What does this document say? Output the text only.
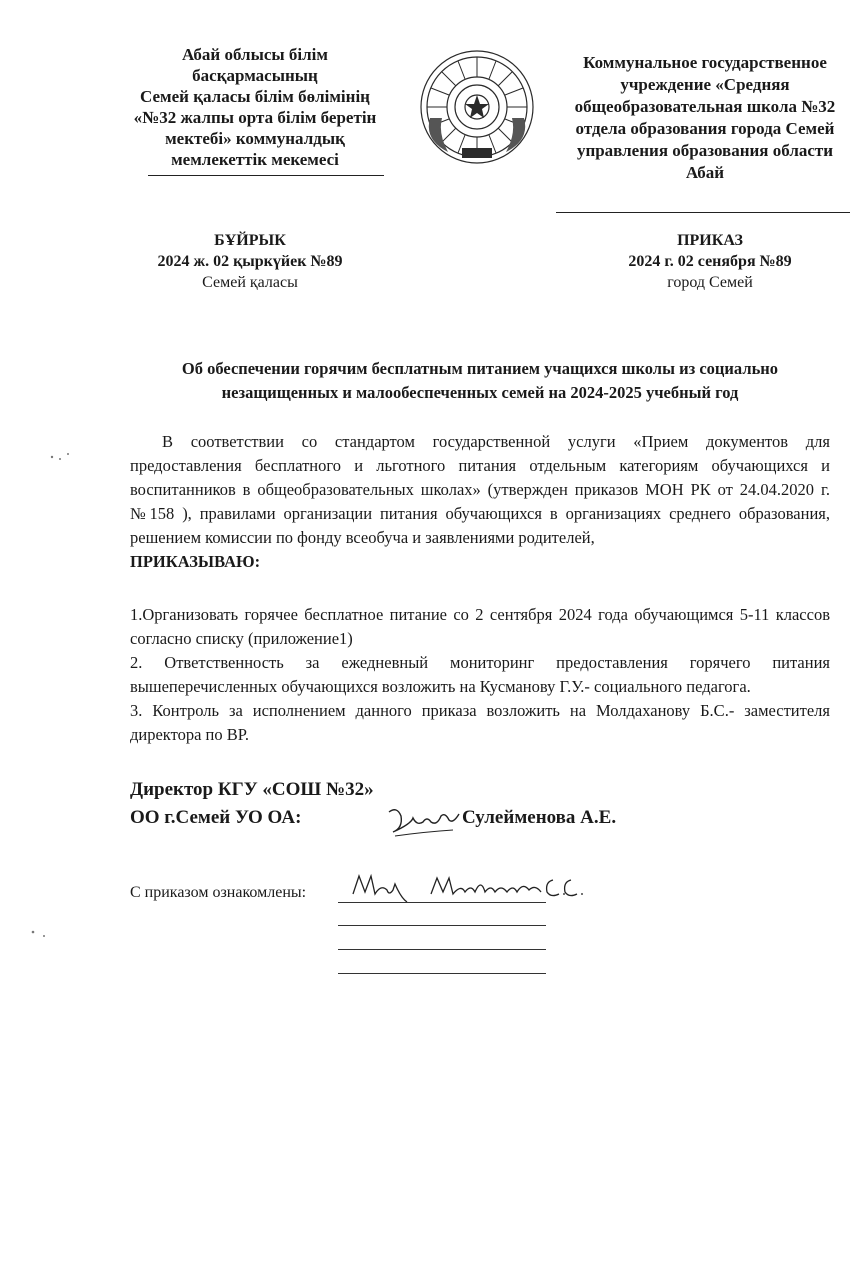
Абай облысы білім басқармасының
Семей қаласы білім бөлімінің
«№32 жалпы орта білім беретін
мектебі» коммуналдық
мемлекеттік мекемесі
Коммунальное государственное
учреждение «Средняя
общеобразовательная школа №32
отдела образования города Семей
управления образования области
Абай
БҰЙРЫК
2024 ж. 02 қыркүйек №89
Семей қаласы
ПРИКАЗ
2024 г. 02 сенября №89
город Семей
Об обеспечении горячим бесплатным питанием учащихся школы из социально
незащищенных и малообеспеченных семей на 2024-2025 учебный год

В соответствии со стандартом государственной услуги «Прием документов для предоставления бесплатного и льготного питания отдельным категориям обучающихся и воспитанников в общеобразовательных школах» (утвержден приказов МОН РК от 24.04.2020 г. №158 ), правилами организации питания обучающихся в организациях среднего образования, решением комиссии по фонду всеобуча и заявлениями родителей,

ПРИКАЗЫВАЮ:

1.Организовать горячее бесплатное питание со 2 сентября 2024 года обучающимся 5-11 классов согласно списку (приложение1)

2. Ответственность за ежедневный мониторинг предоставления горячего питания вышеперечисленных обучающихся возложить на Кусманову Г.У.- социального педагога.

3. Контроль за исполнением данного приказа возложить на Молдаханову Б.С.- заместителя директора по ВР.

Директор КГУ «СОШ №32»
ОО г.Семей УО ОА:	Сулейменова А.Е.
С приказом ознакомлены:
